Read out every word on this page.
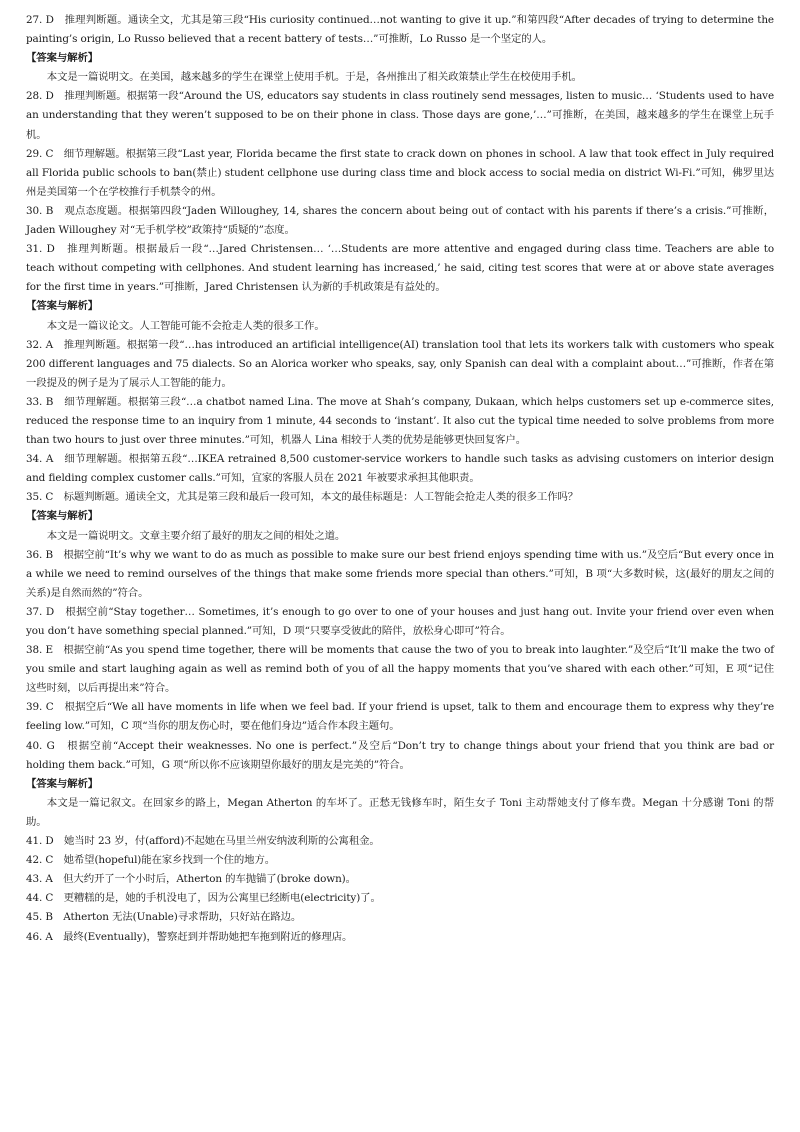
27. D　推理判断题。通读全文，尤其是第三段“His curiosity continued…not wanting to give it up.”和第四段“After decades of trying to determine the painting’s origin, Lo Russo believed that a recent battery of tests…”可推断，Lo Russo 是一个坚定的人。

【答案与解析】

本文是一篇说明文。在美国，越来越多的学生在课堂上使用手机。于是，各州推出了相关政策禁止学生在校使用手机。

28. D　推理判断题。根据第一段“Around the US, educators say students in class routinely send messages, listen to music… ‘Students used to have an understanding that they weren’t supposed to be on their phone in class. Those days are gone,’…”可推断，在美国，越来越多的学生在课堂上玩手机。

29. C　细节理解题。根据第三段“Last year, Florida became the first state to crack down on phones in school. A law that took effect in July required all Florida public schools to ban(禁止) student cellphone use during class time and block access to social media on district Wi-Fi.”可知，佛罗里达州是美国第一个在学校推行手机禁令的州。

30. B　观点态度题。根据第四段“Jaden Willoughey, 14, shares the concern about being out of contact with his parents if there’s a crisis.”可推断，Jaden Willoughey 对“无手机学校”政策持“质疑的”态度。

31. D　推理判断题。根据最后一段“…Jared Christensen… ‘…Students are more attentive and engaged during class time. Teachers are able to teach without competing with cellphones. And student learning has increased,’ he said, citing test scores that were at or above state averages for the first time in years.”可推断，Jared Christensen 认为新的手机政策是有益处的。

【答案与解析】

本文是一篇议论文。人工智能可能不会抢走人类的很多工作。

32. A　推理判断题。根据第一段“…has introduced an artificial intelligence(AI) translation tool that lets its workers talk with customers who speak 200 different languages and 75 dialects. So an Alorica worker who speaks, say, only Spanish can deal with a complaint about…”可推断，作者在第一段提及的例子是为了展示人工智能的能力。

33. B　细节理解题。根据第三段“…a chatbot named Lina. The move at Shah’s company, Dukaan, which helps customers set up e-commerce sites, reduced the response time to an inquiry from 1 minute, 44 seconds to ‘instant’. It also cut the typical time needed to solve problems from more than two hours to just over three minutes.”可知，机器人 Lina 相较于人类的优势是能够更快回复客户。

34. A　细节理解题。根据第五段“…IKEA retrained 8,500 customer-service workers to handle such tasks as advising customers on interior design and fielding complex customer calls.”可知，宜家的客服人员在 2021 年被要求承担其他职责。

35. C　标题判断题。通读全文，尤其是第三段和最后一段可知，本文的最佳标题是：人工智能会抢走人类的很多工作吗？

【答案与解析】

本文是一篇说明文。文章主要介绍了最好的朋友之间的相处之道。

36. B　根据空前“It’s why we want to do as much as possible to make sure our best friend enjoys spending time with us.”及空后“But every once in a while we need to remind ourselves of the things that make some friends more special than others.”可知，B 项“大多数时候，这(最好的朋友之间的关系)是自然而然的”符合。

37. D　根据空前“Stay together… Sometimes, it’s enough to go over to one of your houses and just hang out. Invite your friend over even when you don’t have something special planned.”可知，D 项“只要享受彼此的陪伴，放松身心即可”符合。

38. E　根据空前“As you spend time together, there will be moments that cause the two of you to break into laughter.”及空后“It’ll make the two of you smile and start laughing again as well as remind both of you of all the happy moments that you’ve shared with each other.”可知，E 项“记住这些时刻，以后再提出来”符合。

39. C　根据空后“We all have moments in life when we feel bad. If your friend is upset, talk to them and encourage them to express why they’re feeling low.”可知，C 项“当你的朋友伤心时，要在他们身边”适合作本段主题句。

40. G　根据空前“Accept their weaknesses. No one is perfect.”及空后“Don’t try to change things about your friend that you think are bad or holding them back.”可知，G 项“所以你不应该期望你最好的朋友是完美的”符合。

【答案与解析】

本文是一篇记叙文。在回家乡的路上，Megan Atherton 的车坏了。正愁无钱修车时，陌生女子 Toni 主动帮她支付了修车费。Megan 十分感谢 Toni 的帮助。

41. D　她当时 23 岁，付(afford)不起她在马里兰州安纳波利斯的公寓租金。

42. C　她希望(hopeful)能在家乡找到一个住的地方。

43. A　但大约开了一个小时后，Atherton 的车抛锚了(broke down)。

44. C　更糟糕的是，她的手机没电了，因为公寓里已经断电(electricity)了。

45. B　Atherton 无法(Unable)寻求帮助，只好站在路边。

46. A　最终(Eventually)，警察赶到并帮助她把车拖到附近的修理店。
